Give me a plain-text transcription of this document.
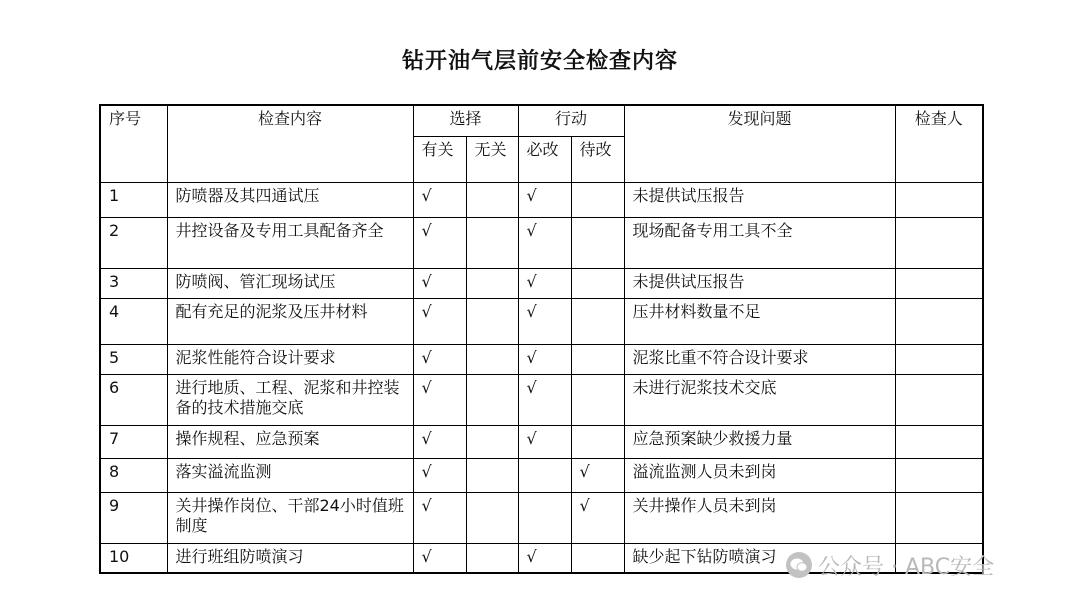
钻开油气层前安全检查内容
序号	检查内容	选择		行动		发现问题	检查人
		有关	无关	必改	待改		
1	防喷器及其四通试压	√		√		未提供试压报告	
2	井控设备及专用工具配备齐全	√		√		现场配备专用工具不全	
3	防喷阀、管汇现场试压	√		√		未提供试压报告	
4	配有充足的泥浆及压井材料	√		√		压井材料数量不足	
5	泥浆性能符合设计要求	√		√		泥浆比重不符合设计要求	
6	进行地质、工程、泥浆和井控装备的技术措施交底	√		√		未进行泥浆技术交底	
7	操作规程、应急预案	√		√		应急预案缺少救援力量	
8	落实溢流监测	√			√	溢流监测人员未到岗	
9	关井操作岗位、干部24小时值班制度	√			√	关井操作人员未到岗	
10	进行班组防喷演习	√		√		缺少起下钻防喷演习	公众号 · ABC安全
